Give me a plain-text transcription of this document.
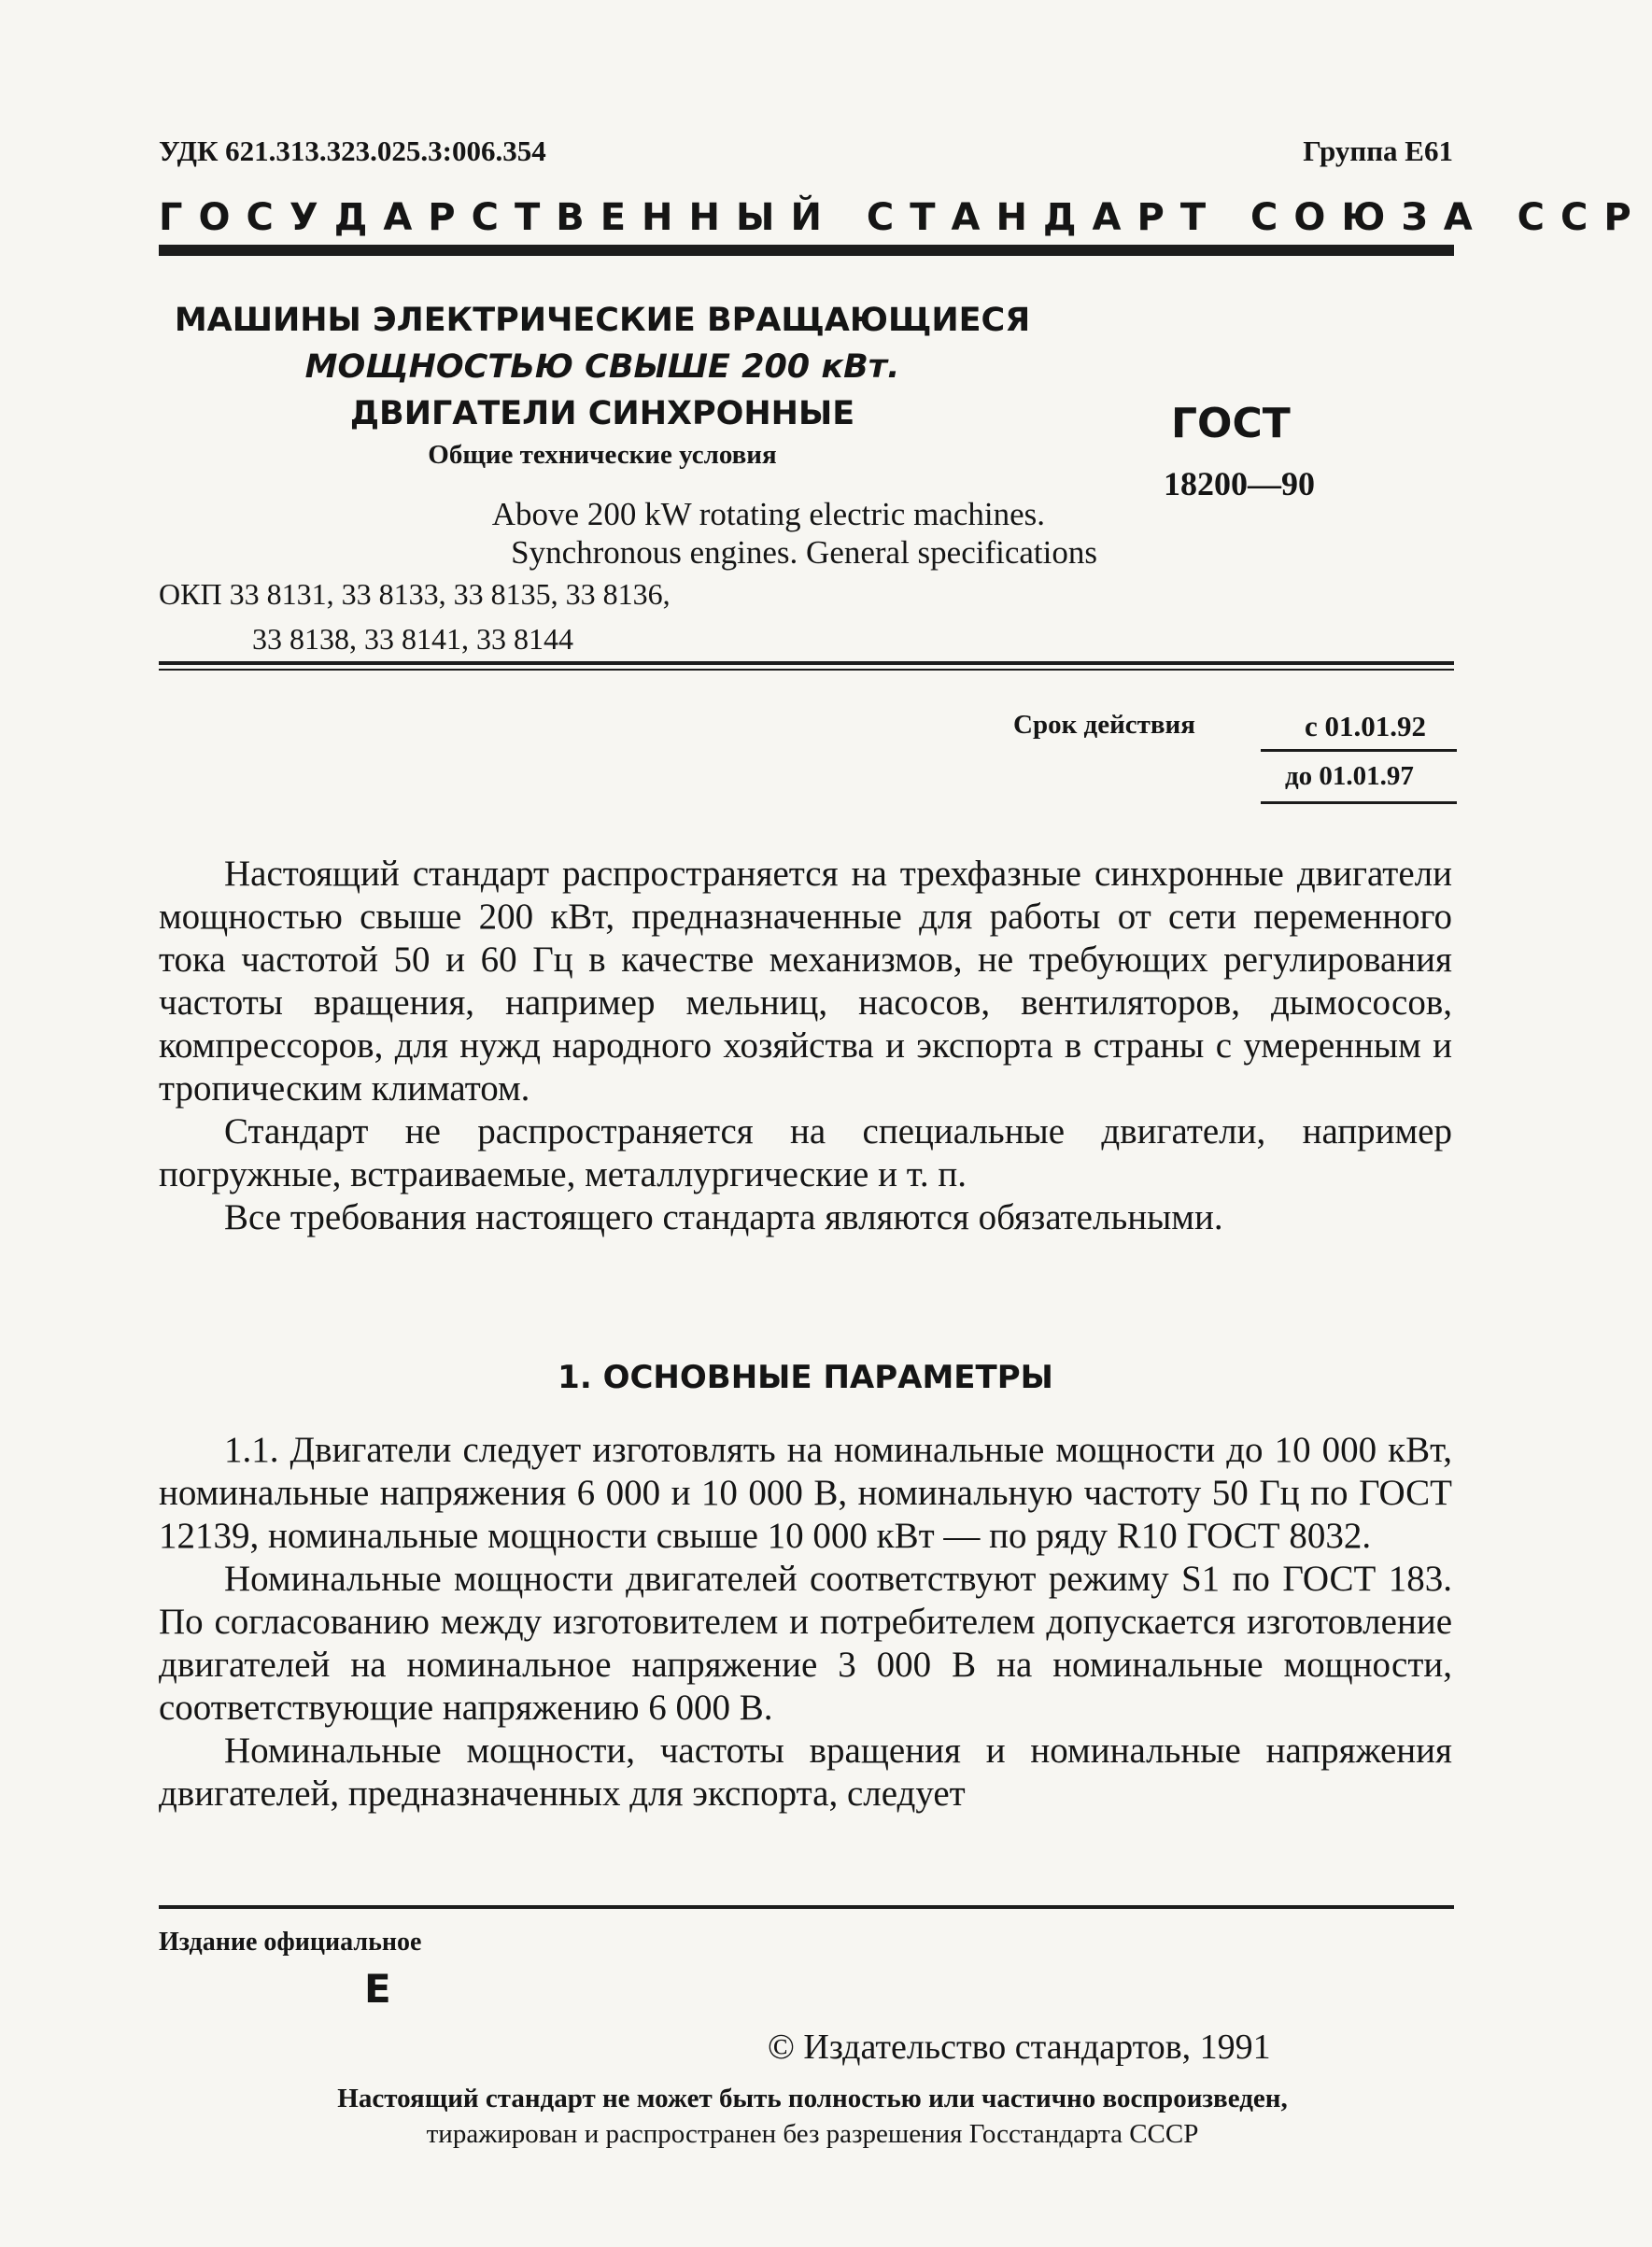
УДК 621.313.323.025.3:006.354	Группа Е61
ГОСУДАРСТВЕННЫЙ СТАНДАРТ СОЮЗА ССР
МАШИНЫ ЭЛЕКТРИЧЕСКИЕ ВРАЩАЮЩИЕСЯ
МОЩНОСТЬЮ СВЫШЕ 200 кВт.
ДВИГАТЕЛИ СИНХРОННЫЕ
Общие технические условия
Above 200 kW rotating electric machines.
Synchronous engines. General specifications
ОКП 33 8131, 33 8133, 33 8135, 33 8136,
33 8138, 33 8141, 33 8144
ГОСТ
18200—90
Срок действия	с 01.01.92
до 01.01.97

Настоящий стандарт распространяется на трехфазные синхронные двигатели мощностью свыше 200 кВт, предназначенные для работы от сети переменного тока частотой 50 и 60 Гц в качестве механизмов, не требующих регулирования частоты вращения, например мельниц, насосов, вентиляторов, дымососов, компрессоров, для нужд народного хозяйства и экспорта в страны с умеренным и тропическим климатом.

Стандарт не распространяется на специальные двигатели, например погружные, встраиваемые, металлургические и т. п.

Все требования настоящего стандарта являются обязательными.

1. ОСНОВНЫЕ ПАРАМЕТРЫ

1.1. Двигатели следует изготовлять на номинальные мощности до 10 000 кВт, номинальные напряжения 6 000 и 10 000 В, номинальную частоту 50 Гц по ГОСТ 12139, номинальные мощности свыше 10 000 кВт — по ряду R10 ГОСТ 8032.

Номинальные мощности двигателей соответствуют режиму S1 по ГОСТ 183. По согласованию между изготовителем и потребителем допускается изготовление двигателей на номинальное напряжение 3 000 В на номинальные мощности, соответствующие напряжению 6 000 В.

Номинальные мощности, частоты вращения и номинальные напряжения двигателей, предназначенных для экспорта, следует

Издание официальное
Е
© Издательство стандартов, 1991
Настоящий стандарт не может быть полностью или частично воспроизведен,
тиражирован и распространен без разрешения Госстандарта СССР
